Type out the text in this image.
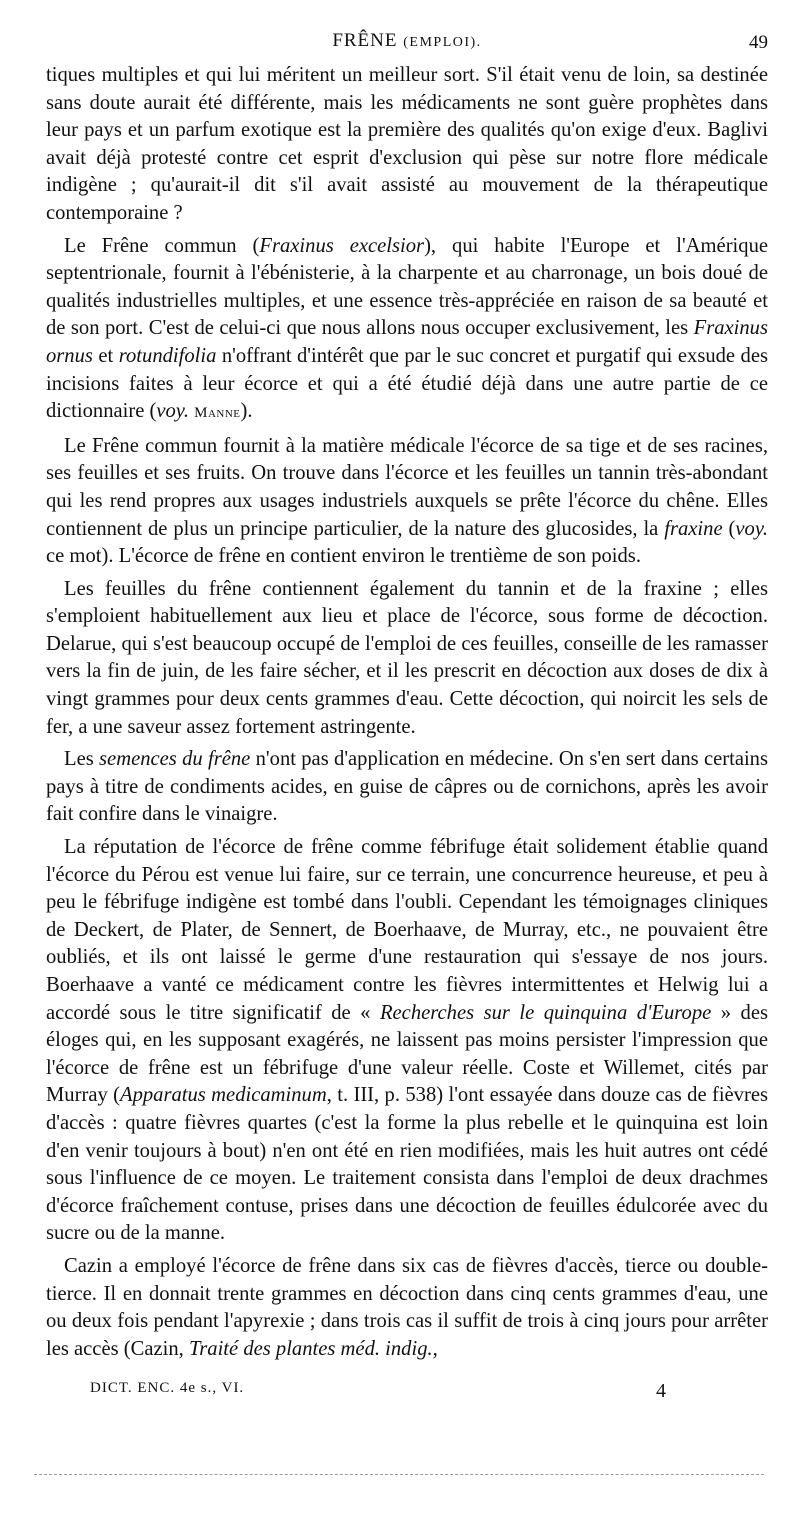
FRÊNE (EMPLOI).	49

tiques multiples et qui lui méritent un meilleur sort. S'il était venu de loin, sa destinée sans doute aurait été différente, mais les médicaments ne sont guère prophètes dans leur pays et un parfum exotique est la première des qualités qu'on exige d'eux. Baglivi avait déjà protesté contre cet esprit d'exclusion qui pèse sur notre flore médicale indigène ; qu'aurait-il dit s'il avait assisté au mouvement de la thérapeutique contemporaine ?

Le Frêne commun (Fraxinus excelsior), qui habite l'Europe et l'Amérique septentrionale, fournit à l'ébénisterie, à la charpente et au charronage, un bois doué de qualités industrielles multiples, et une essence très-appréciée en raison de sa beauté et de son port. C'est de celui-ci que nous allons nous occuper exclusivement, les Fraxinus ornus et rotundifolia n'offrant d'intérêt que par le suc concret et purgatif qui exsude des incisions faites à leur écorce et qui a été étudié déjà dans une autre partie de ce dictionnaire (voy. Manne).

Le Frêne commun fournit à la matière médicale l'écorce de sa tige et de ses racines, ses feuilles et ses fruits. On trouve dans l'écorce et les feuilles un tannin très-abondant qui les rend propres aux usages industriels auxquels se prête l'écorce du chêne. Elles contiennent de plus un principe particulier, de la nature des glucosides, la fraxine (voy. ce mot). L'écorce de frêne en contient environ le trentième de son poids.

Les feuilles du frêne contiennent également du tannin et de la fraxine ; elles s'emploient habituellement aux lieu et place de l'écorce, sous forme de décoction. Delarue, qui s'est beaucoup occupé de l'emploi de ces feuilles, conseille de les ramasser vers la fin de juin, de les faire sécher, et il les prescrit en décoction aux doses de dix à vingt grammes pour deux cents grammes d'eau. Cette décoction, qui noircit les sels de fer, a une saveur assez fortement astringente.

Les semences du frêne n'ont pas d'application en médecine. On s'en sert dans certains pays à titre de condiments acides, en guise de câpres ou de cornichons, après les avoir fait confire dans le vinaigre.

La réputation de l'écorce de frêne comme fébrifuge était solidement établie quand l'écorce du Pérou est venue lui faire, sur ce terrain, une concurrence heureuse, et peu à peu le fébrifuge indigène est tombé dans l'oubli. Cependant les témoignages cliniques de Deckert, de Plater, de Sennert, de Boerhaave, de Murray, etc., ne pouvaient être oubliés, et ils ont laissé le germe d'une restauration qui s'essaye de nos jours. Boerhaave a vanté ce médicament contre les fièvres intermittentes et Helwig lui a accordé sous le titre significatif de « Recherches sur le quinquina d'Europe » des éloges qui, en les supposant exagérés, ne laissent pas moins persister l'impression que l'écorce de frêne est un fébrifuge d'une valeur réelle. Coste et Willemet, cités par Murray (Apparatus medicaminum, t. III, p. 538) l'ont essayée dans douze cas de fièvres d'accès : quatre fièvres quartes (c'est la forme la plus rebelle et le quinquina est loin d'en venir toujours à bout) n'en ont été en rien modifiées, mais les huit autres ont cédé sous l'influence de ce moyen. Le traitement consista dans l'emploi de deux drachmes d'écorce fraîchement contuse, prises dans une décoction de feuilles édulcorée avec du sucre ou de la manne.

Cazin a employé l'écorce de frêne dans six cas de fièvres d'accès, tierce ou double-tierce. Il en donnait trente grammes en décoction dans cinq cents grammes d'eau, une ou deux fois pendant l'apyrexie ; dans trois cas il suffit de trois à cinq jours pour arrêter les accès (Cazin, Traité des plantes méd. indig.,

DICT. ENC. 4e s., VI.	4
